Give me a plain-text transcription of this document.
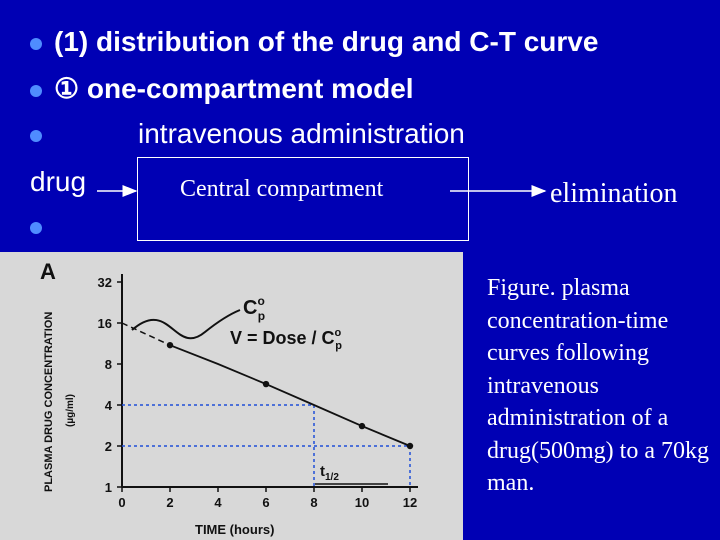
(1) distribution of the drug and C-T curve
① one-compartment model
intravenous administration
drug	Central compartment	elimination
A
PLASMA DRUG CONCENTRATION (µg/ml)
TIME (hours)
1
2
4
8
16
32
0	2	4	6	8	10	12
$C^o$ p
V = Dose / $C^o$ p
$t_{1/2}$
Figure. plasma concentration-time curves following intravenous administration of a drug(500mg) to a 70kg man.
